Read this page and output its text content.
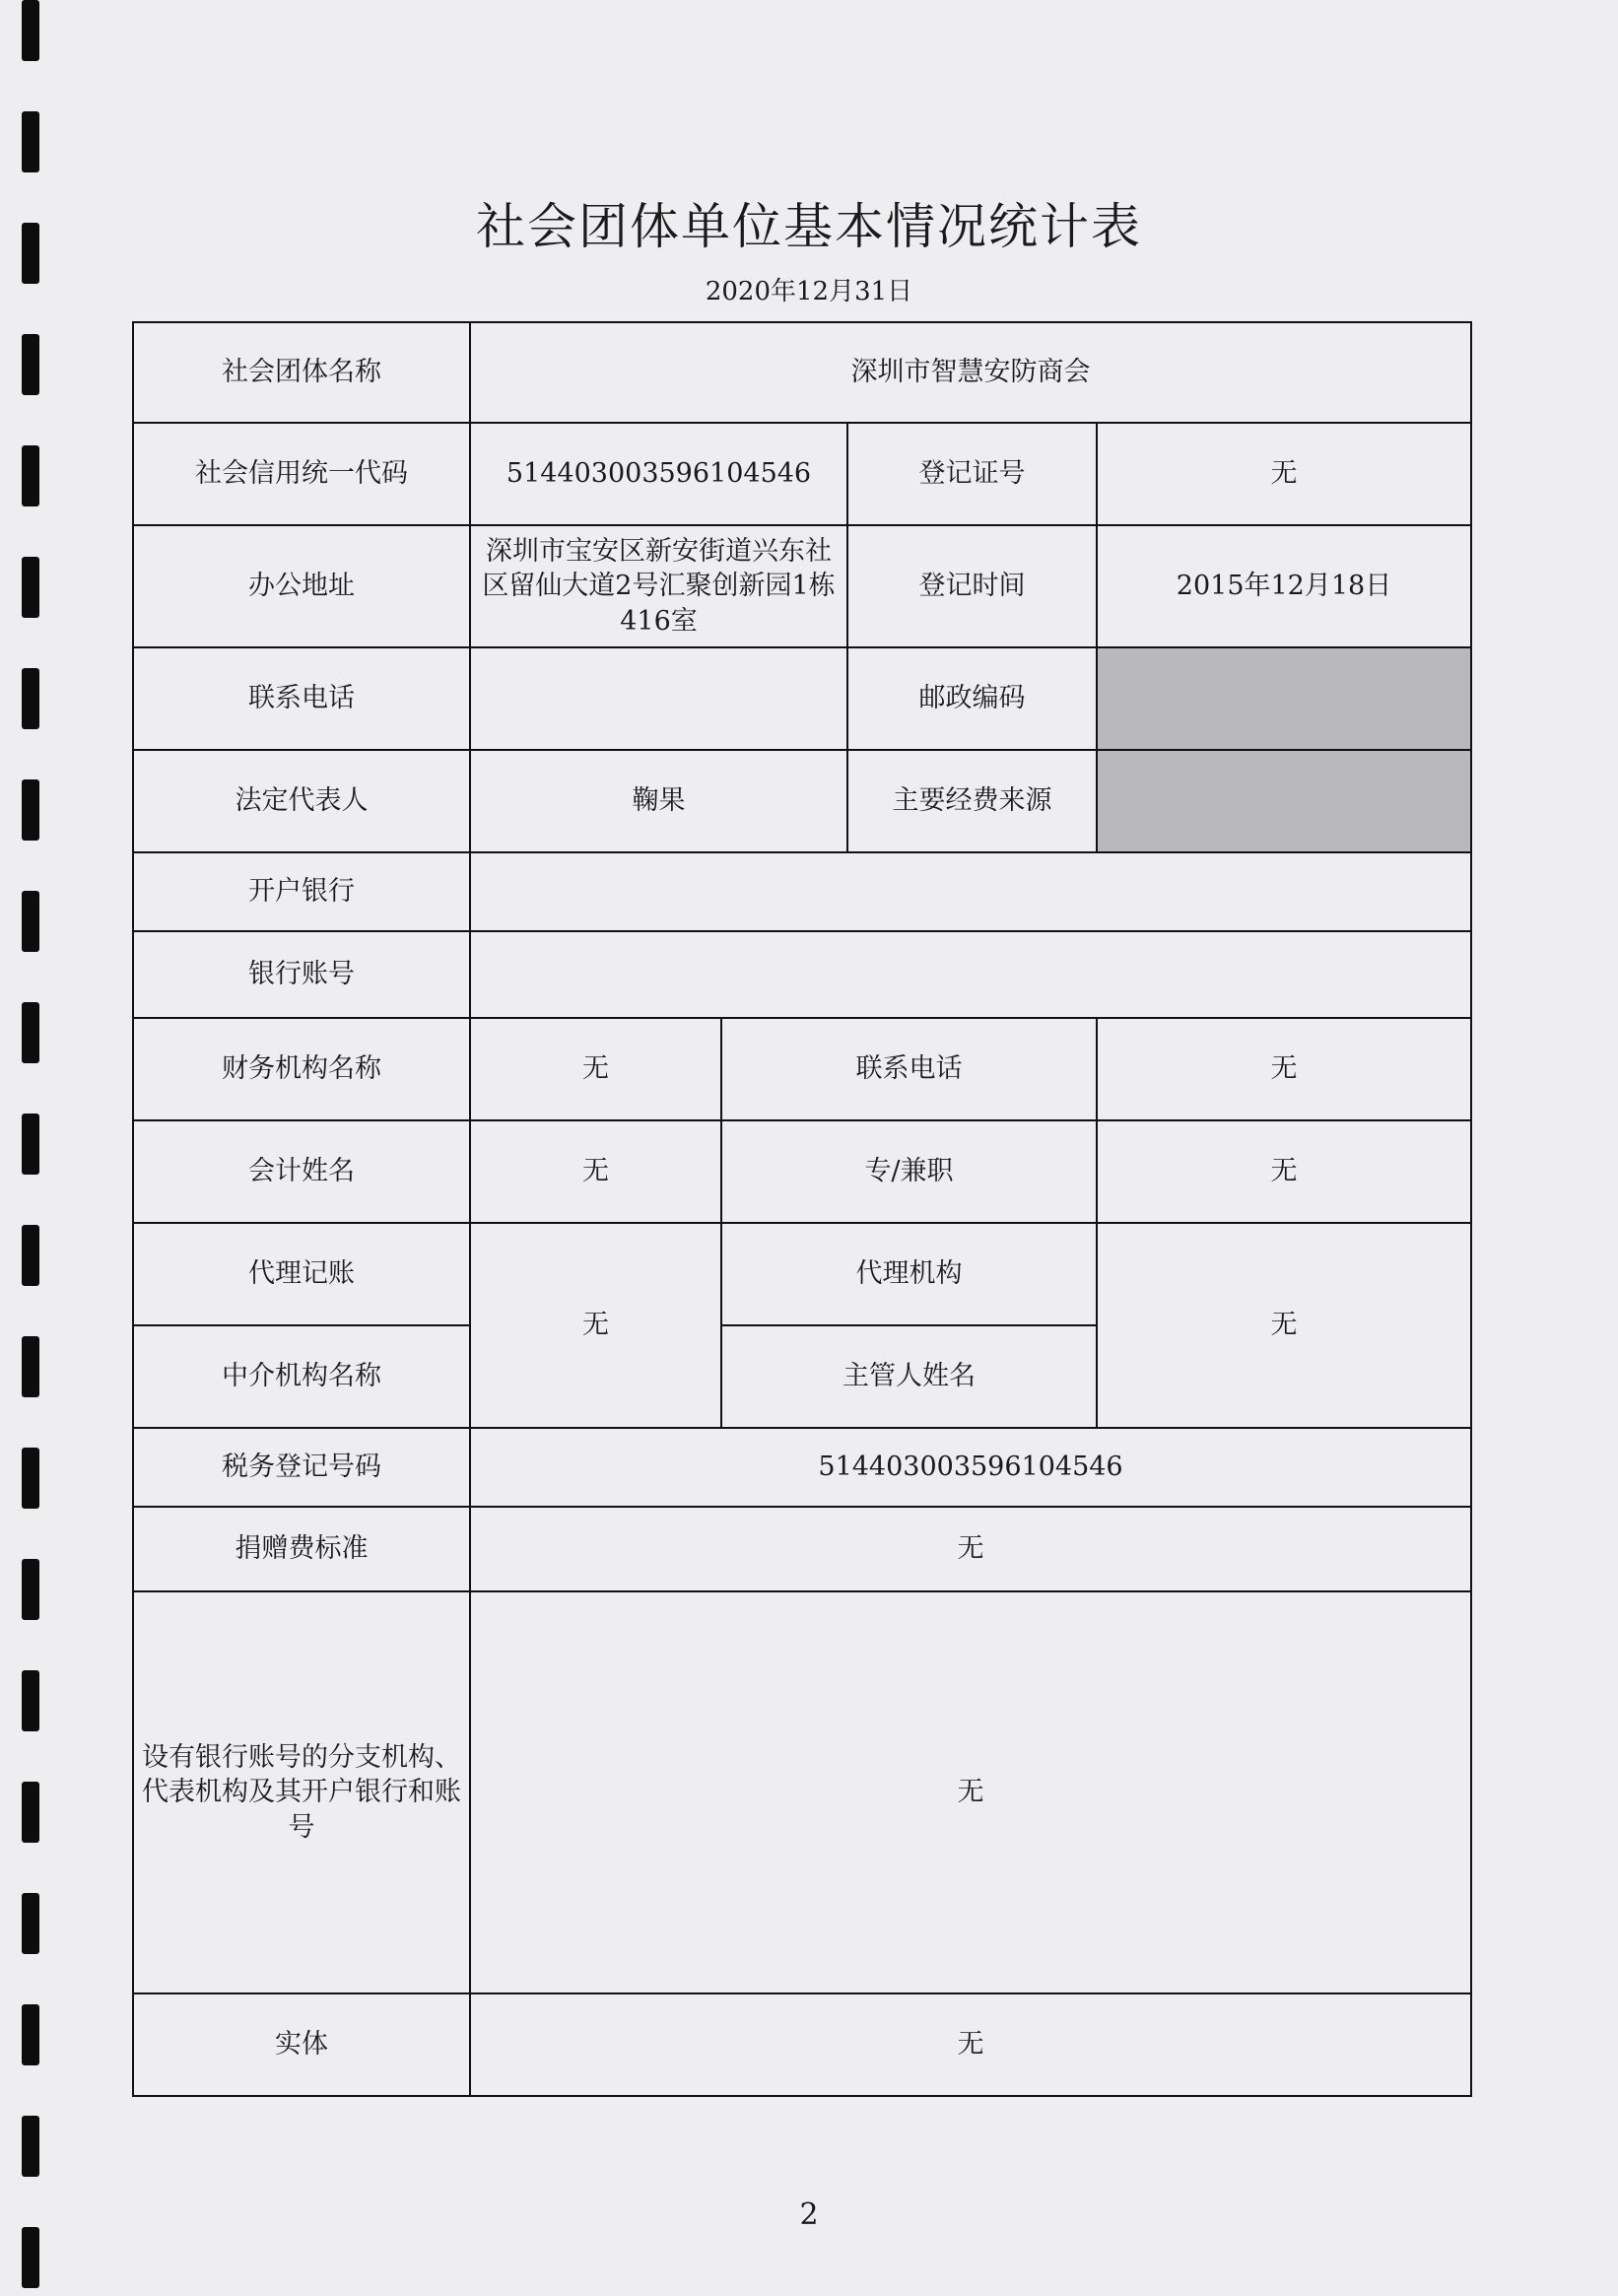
社会团体单位基本情况统计表
2020年12月31日
社会团体名称	深圳市智慧安防商会			
社会信用统一代码	514403003596104546		登记证号	无
办公地址	深圳市宝安区新安街道兴东社区留仙大道2号汇聚创新园1栋416室		登记时间	2015年12月18日
联系电话			邮政编码	
法定代表人	鞠果		主要经费来源	
开户银行				
银行账号				
财务机构名称	无	联系电话		无
会计姓名	无	专/兼职		无
代理记账	无	代理机构		无
中介机构名称		主管人姓名		
税务登记号码	514403003596104546			
捐赠费标准	无			
设有银行账号的分支机构、代表机构及其开户银行和账号	无			
实体	无			
2
